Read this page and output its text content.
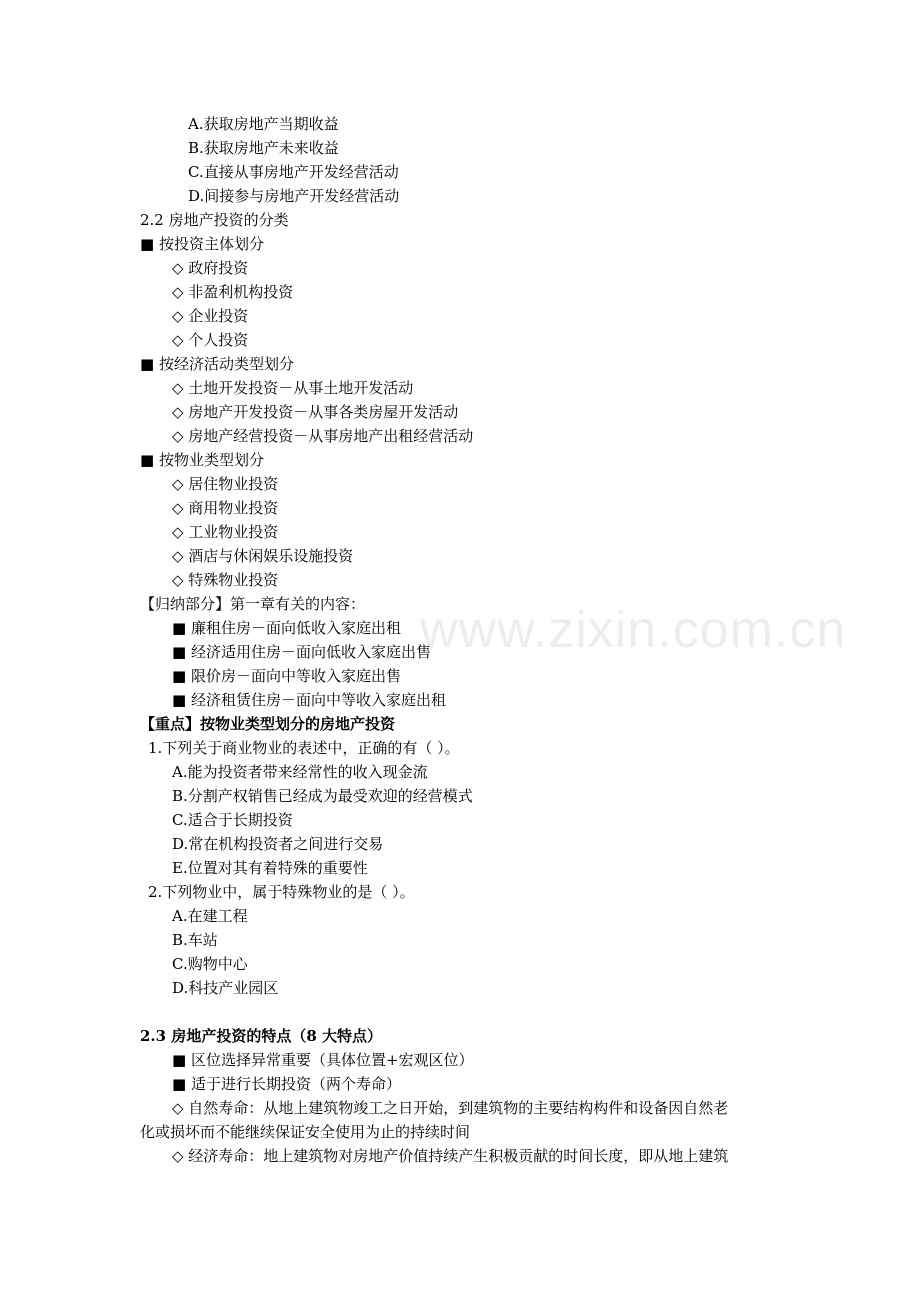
www.zixin.com.cn
A.获取房地产当期收益
B.获取房地产未来收益
C.直接从事房地产开发经营活动
D.间接参与房地产开发经营活动
2.2 房地产投资的分类
■ 按投资主体划分
◇ 政府投资
◇ 非盈利机构投资
◇ 企业投资
◇ 个人投资
■ 按经济活动类型划分
◇ 土地开发投资－从事土地开发活动
◇ 房地产开发投资－从事各类房屋开发活动
◇ 房地产经营投资－从事房地产出租经营活动
■ 按物业类型划分
◇ 居住物业投资
◇ 商用物业投资
◇ 工业物业投资
◇ 酒店与休闲娱乐设施投资
◇ 特殊物业投资
【归纳部分】第一章有关的内容：
■ 廉租住房－面向低收入家庭出租
■ 经济适用住房－面向低收入家庭出售
■ 限价房－面向中等收入家庭出售
■ 经济租赁住房－面向中等收入家庭出租
【重点】按物业类型划分的房地产投资
1.下列关于商业物业的表述中，正确的有（ ）。
A.能为投资者带来经常性的收入现金流
B.分割产权销售已经成为最受欢迎的经营模式
C.适合于长期投资
D.常在机构投资者之间进行交易
E.位置对其有着特殊的重要性
2.下列物业中，属于特殊物业的是（ ）。
A.在建工程
B.车站
C.购物中心
D.科技产业园区
2.3 房地产投资的特点（8 大特点）
■ 区位选择异常重要（具体位置+宏观区位）
■ 适于进行长期投资（两个寿命）
◇ 自然寿命：从地上建筑物竣工之日开始，到建筑物的主要结构构件和设备因自然老
化或损坏而不能继续保证安全使用为止的持续时间
◇ 经济寿命：地上建筑物对房地产价值持续产生积极贡献的时间长度，即从地上建筑
